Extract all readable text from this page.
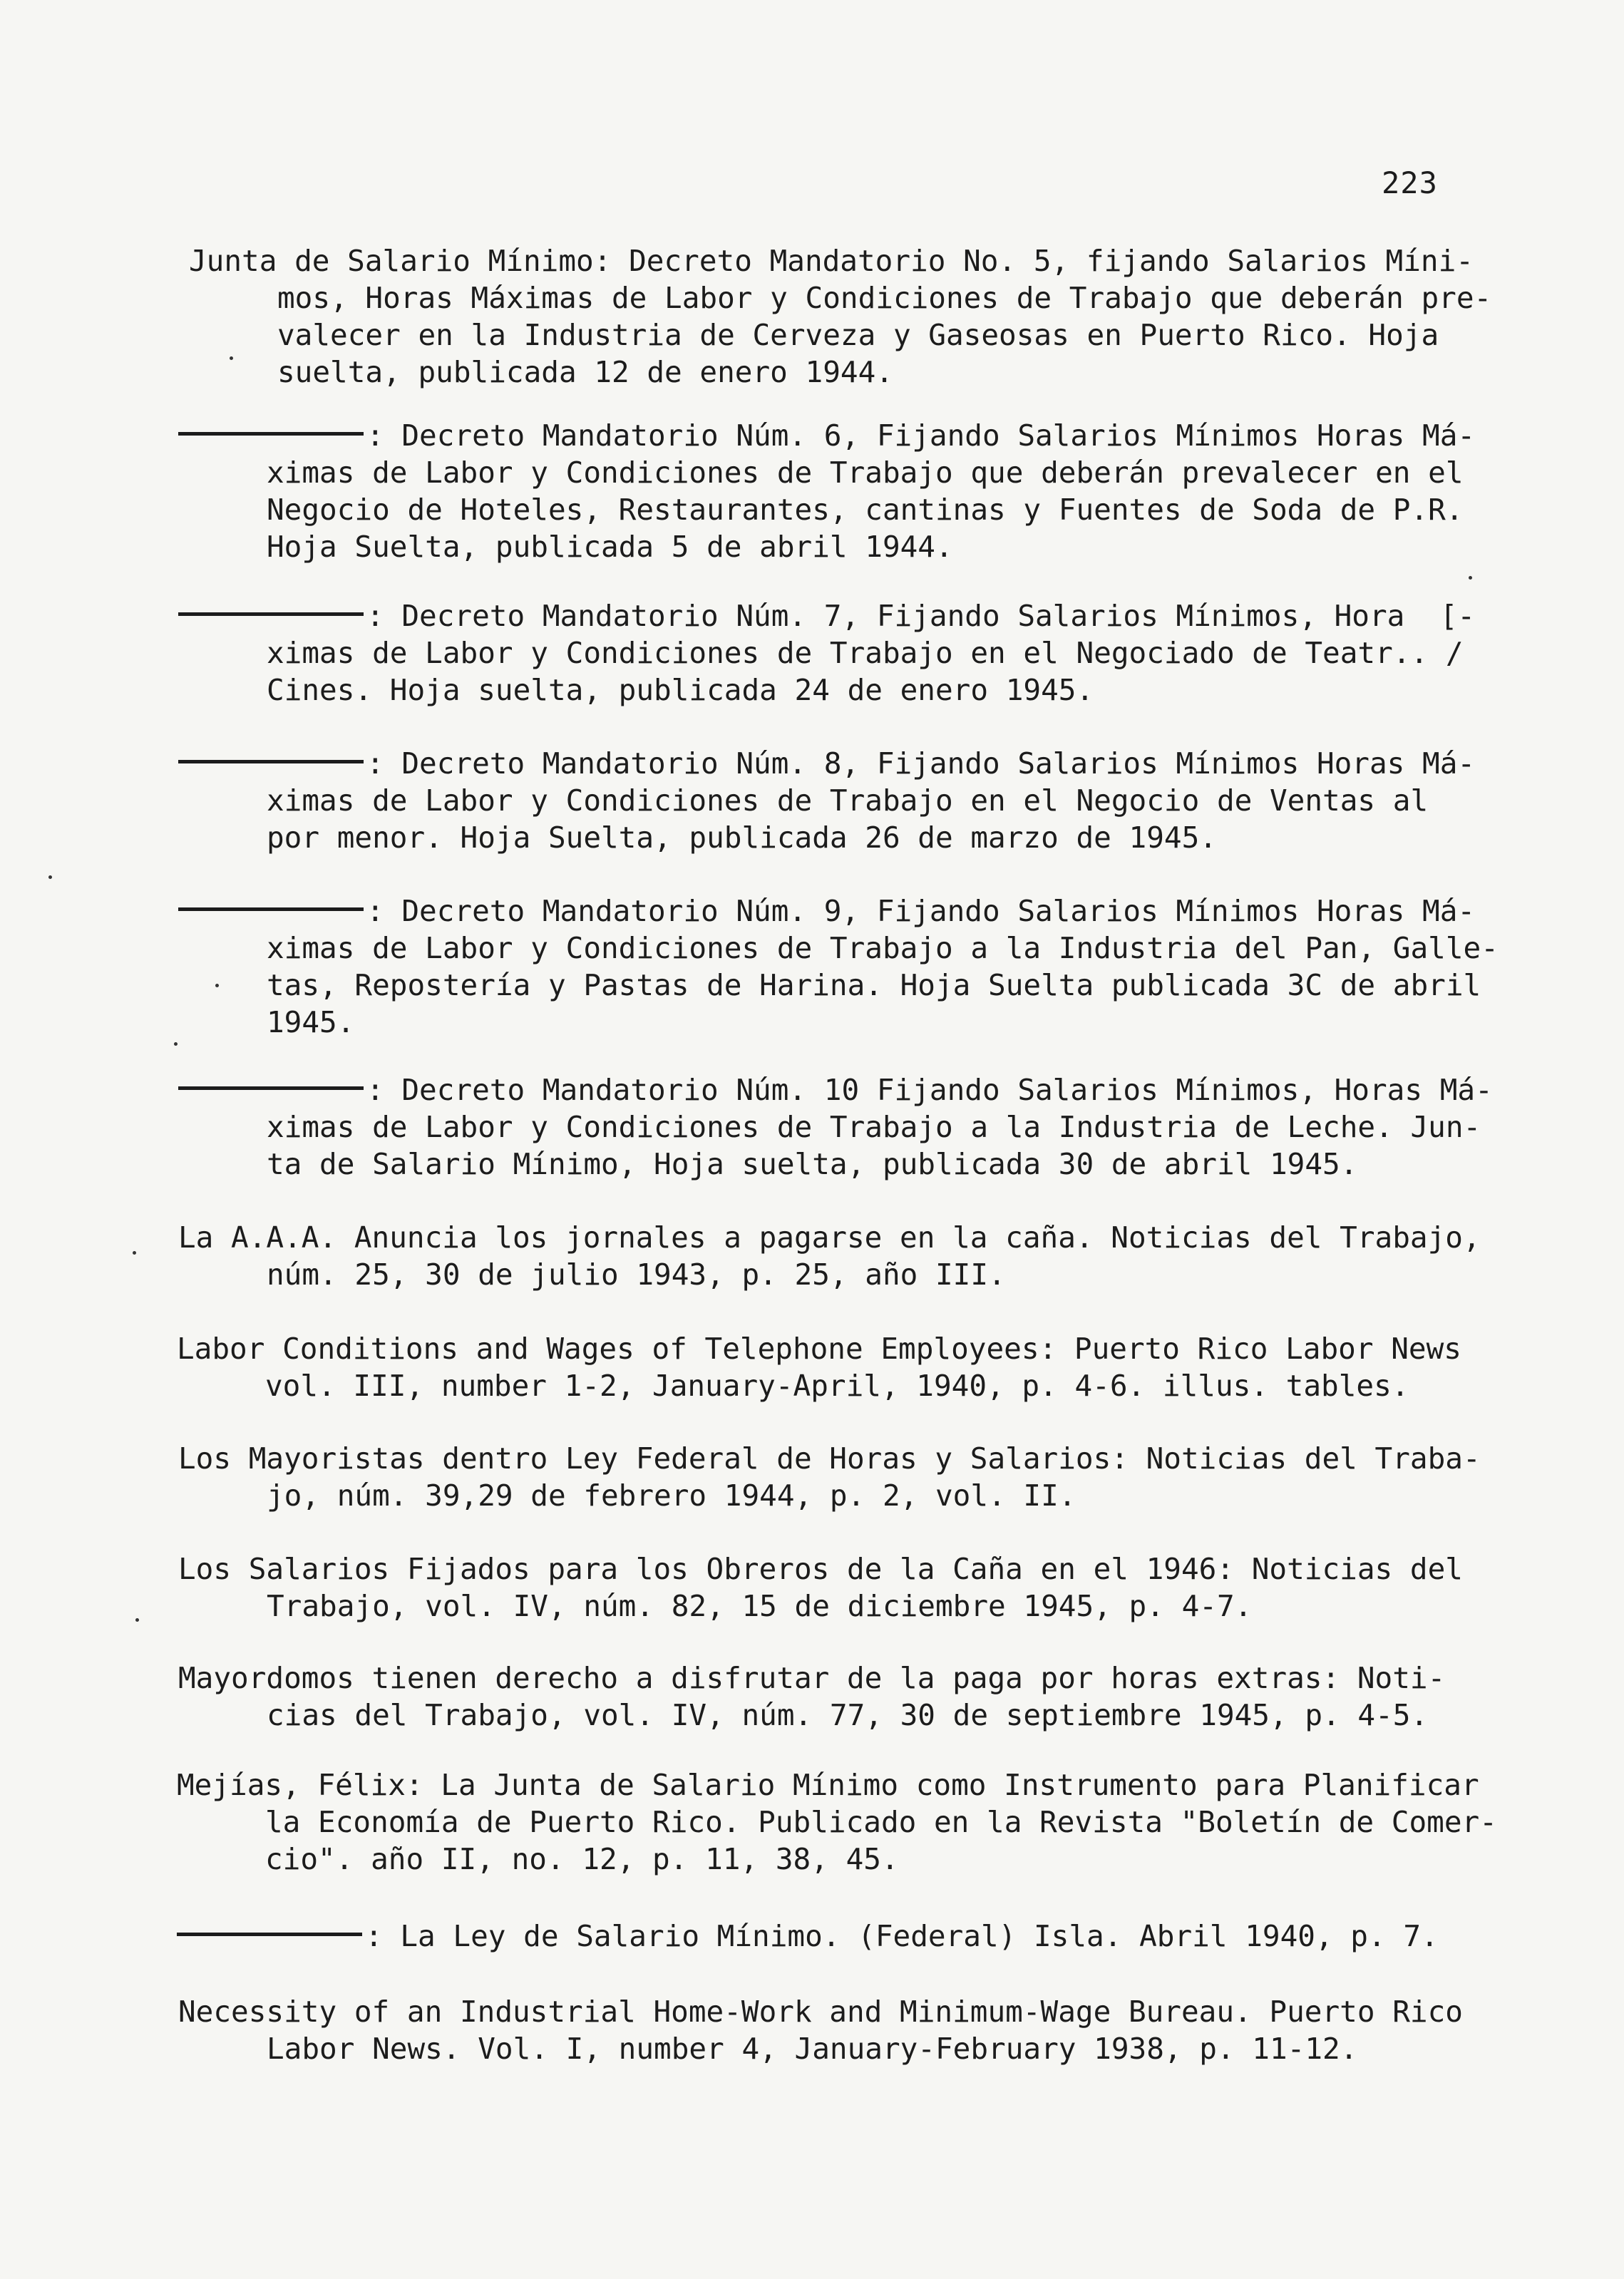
223
Junta de Salario Mínimo: Decreto Mandatorio No. 5, fijando Salarios Míni-
mos, Horas Máximas de Labor y Condiciones de Trabajo que deberán pre-
valecer en la Industria de Cerveza y Gaseosas en Puerto Rico. Hoja
suelta, publicada 12 de enero 1944.
: Decreto Mandatorio Núm. 6, Fijando Salarios Mínimos Horas Má-
ximas de Labor y Condiciones de Trabajo que deberán prevalecer en el
Negocio de Hoteles, Restaurantes, cantinas y Fuentes de Soda de P.R.
Hoja Suelta, publicada 5 de abril 1944.
: Decreto Mandatorio Núm. 7, Fijando Salarios Mínimos, Hora  [-
ximas de Labor y Condiciones de Trabajo en el Negociado de Teatr.. /
Cines. Hoja suelta, publicada 24 de enero 1945.
: Decreto Mandatorio Núm. 8, Fijando Salarios Mínimos Horas Má-
ximas de Labor y Condiciones de Trabajo en el Negocio de Ventas al
por menor. Hoja Suelta, publicada 26 de marzo de 1945.
: Decreto Mandatorio Núm. 9, Fijando Salarios Mínimos Horas Má-
ximas de Labor y Condiciones de Trabajo a la Industria del Pan, Galle-
tas, Repostería y Pastas de Harina. Hoja Suelta publicada 3C de abril
1945.
: Decreto Mandatorio Núm. 10 Fijando Salarios Mínimos, Horas Má-
ximas de Labor y Condiciones de Trabajo a la Industria de Leche. Jun-
ta de Salario Mínimo, Hoja suelta, publicada 30 de abril 1945.
La A.A.A. Anuncia los jornales a pagarse en la caña. Noticias del Trabajo,
núm. 25, 30 de julio 1943, p. 25, año III.
Labor Conditions and Wages of Telephone Employees: Puerto Rico Labor News
vol. III, number 1-2, January-April, 1940, p. 4-6. illus. tables.
Los Mayoristas dentro Ley Federal de Horas y Salarios: Noticias del Traba-
jo, núm. 39,29 de febrero 1944, p. 2, vol. II.
Los Salarios Fijados para los Obreros de la Caña en el 1946: Noticias del
Trabajo, vol. IV, núm. 82, 15 de diciembre 1945, p. 4-7.
Mayordomos tienen derecho a disfrutar de la paga por horas extras: Noti-
cias del Trabajo, vol. IV, núm. 77, 30 de septiembre 1945, p. 4-5.
Mejías, Félix: La Junta de Salario Mínimo como Instrumento para Planificar
la Economía de Puerto Rico. Publicado en la Revista "Boletín de Comer-
cio". año II, no. 12, p. 11, 38, 45.
: La Ley de Salario Mínimo. (Federal) Isla. Abril 1940, p. 7.
Necessity of an Industrial Home-Work and Minimum-Wage Bureau. Puerto Rico
Labor News. Vol. I, number 4, January-February 1938, p. 11-12.
